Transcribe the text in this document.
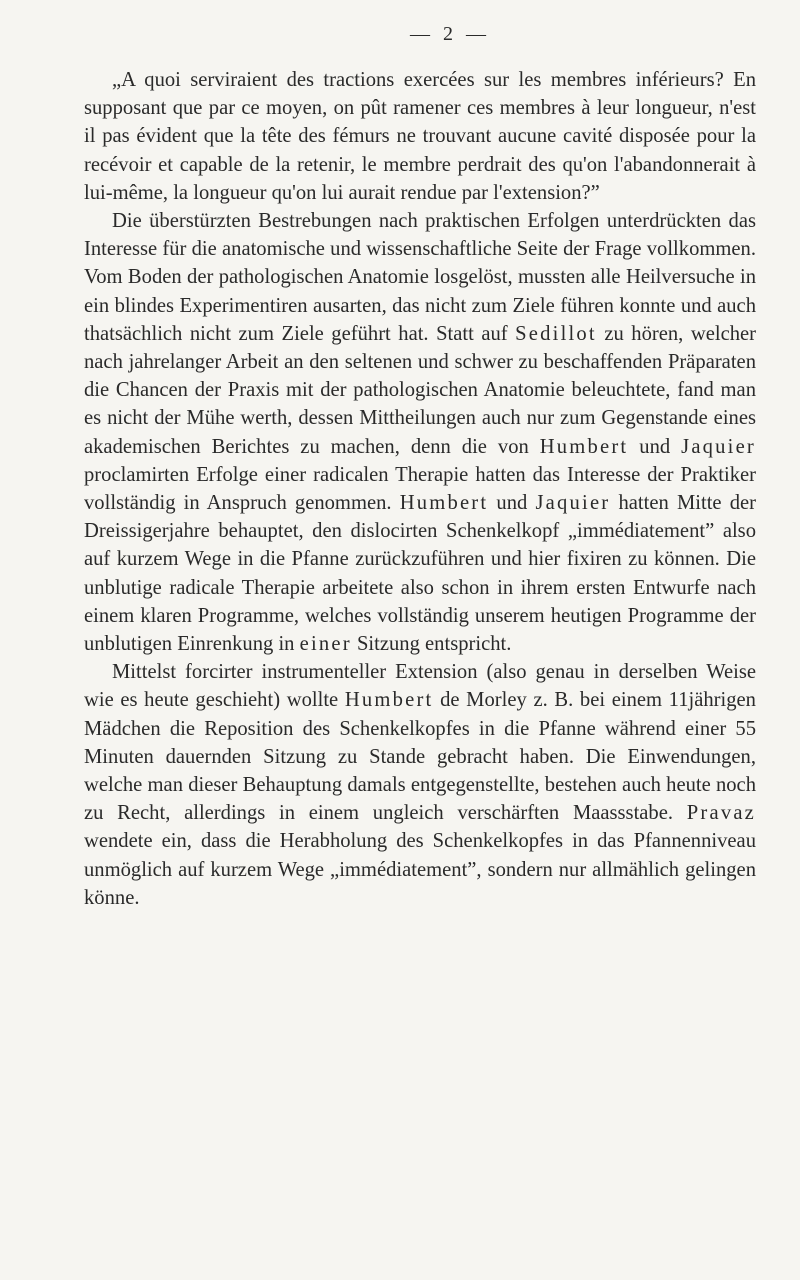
— 2 —

„A quoi serviraient des tractions exercées sur les membres inférieurs? En supposant que par ce moyen, on pût ramener ces membres à leur longueur, n'est il pas évident que la tête des fémurs ne trouvant aucune cavité disposée pour la recévoir et capable de la retenir, le membre perdrait des qu'on l'abandonnerait à lui-même, la longueur qu'on lui aurait rendue par l'extension?”

Die überstürzten Bestrebungen nach praktischen Erfolgen unterdrückten das Interesse für die anatomische und wissenschaftliche Seite der Frage vollkommen. Vom Boden der pathologischen Anatomie losgelöst, mussten alle Heilversuche in ein blindes Experimentiren ausarten, das nicht zum Ziele führen konnte und auch thatsächlich nicht zum Ziele geführt hat. Statt auf Sedillot zu hören, welcher nach jahrelanger Arbeit an den seltenen und schwer zu beschaffenden Präparaten die Chancen der Praxis mit der pathologischen Anatomie beleuchtete, fand man es nicht der Mühe werth, dessen Mittheilungen auch nur zum Gegenstande eines akademischen Berichtes zu machen, denn die von Humbert und Jaquier proclamirten Erfolge einer radicalen Therapie hatten das Interesse der Praktiker vollständig in Anspruch genommen. Humbert und Jaquier hatten Mitte der Dreissigerjahre behauptet, den dislocirten Schenkelkopf „immédiatement” also auf kurzem Wege in die Pfanne zurückzuführen und hier fixiren zu können. Die unblutige radicale Therapie arbeitete also schon in ihrem ersten Entwurfe nach einem klaren Programme, welches vollständig unserem heutigen Programme der unblutigen Einrenkung in einer Sitzung entspricht.

Mittelst forcirter instrumenteller Extension (also genau in derselben Weise wie es heute geschieht) wollte Humbert de Morley z. B. bei einem 11jährigen Mädchen die Reposition des Schenkelkopfes in die Pfanne während einer 55 Minuten dauernden Sitzung zu Stande gebracht haben. Die Einwendungen, welche man dieser Behauptung damals entgegenstellte, bestehen auch heute noch zu Recht, allerdings in einem ungleich verschärften Maassstabe. Pravaz wendete ein, dass die Herabholung des Schenkelkopfes in das Pfannenniveau unmöglich auf kurzem Wege „immédiatement”, sondern nur allmählich gelingen könne.
